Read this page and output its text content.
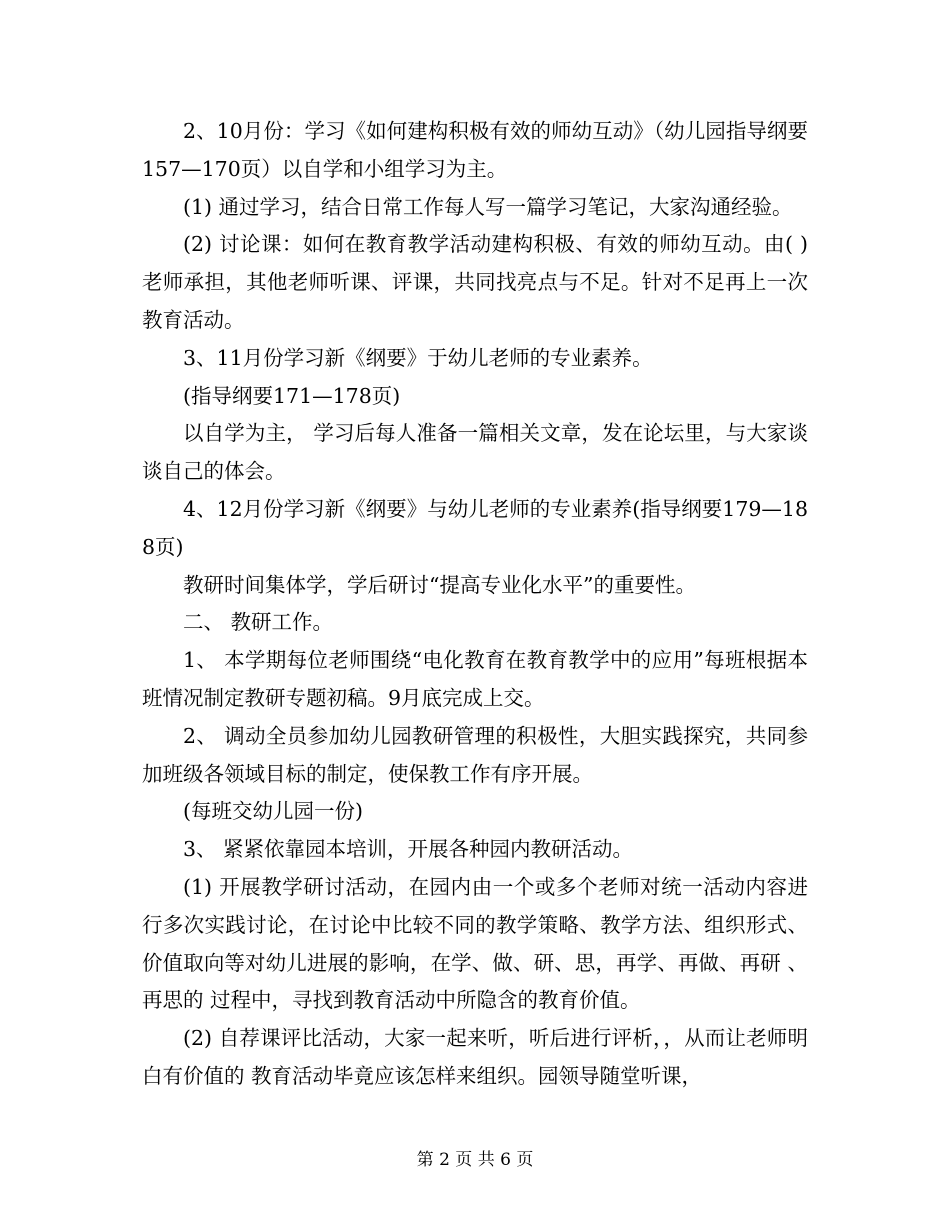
2、10月份：学习《如何建构积极有效的师幼互动》（幼儿园指导纲要157—170页）以自学和小组学习为主。

(1) 通过学习，结合日常工作每人写一篇学习笔记，大家沟通经验。

(2) 讨论课：如何在教育教学活动建构积极、有效的师幼互动。由( )老师承担，其他老师听课、评课，共同找亮点与不足。针对不足再上一次教育活动。

3、11月份学习新《纲要》于幼儿老师的专业素养。

(指导纲要171—178页)

以自学为主， 学习后每人准备一篇相关文章，发在论坛里，与大家谈谈自己的体会。

4、12月份学习新《纲要》与幼儿老师的专业素养(指导纲要179—188页)

教研时间集体学，学后研讨“提高专业化水平”的重要性。

二、 教研工作。

1、 本学期每位老师围绕“电化教育在教育教学中的应用”每班根据本班情况制定教研专题初稿。9月底完成上交。

2、 调动全员参加幼儿园教研管理的积极性，大胆实践探究，共同参加班级各领域目标的制定，使保教工作有序开展。

(每班交幼儿园一份)

3、 紧紧依靠园本培训，开展各种园内教研活动。

(1) 开展教学研讨活动，在园内由一个或多个老师对统一活动内容进行多次实践讨论，在讨论中比较不同的教学策略、教学方法、组织形式、价值取向等对幼儿进展的影响，在学、做、研、思，再学、再做、再研 、再思的 过程中，寻找到教育活动中所隐含的教育价值。

(2) 自荐课评比活动，大家一起来听，听后进行评析，，从而让老师明白有价值的 教育活动毕竟应该怎样来组织。园领导随堂听课，

第 2 页 共 6 页
